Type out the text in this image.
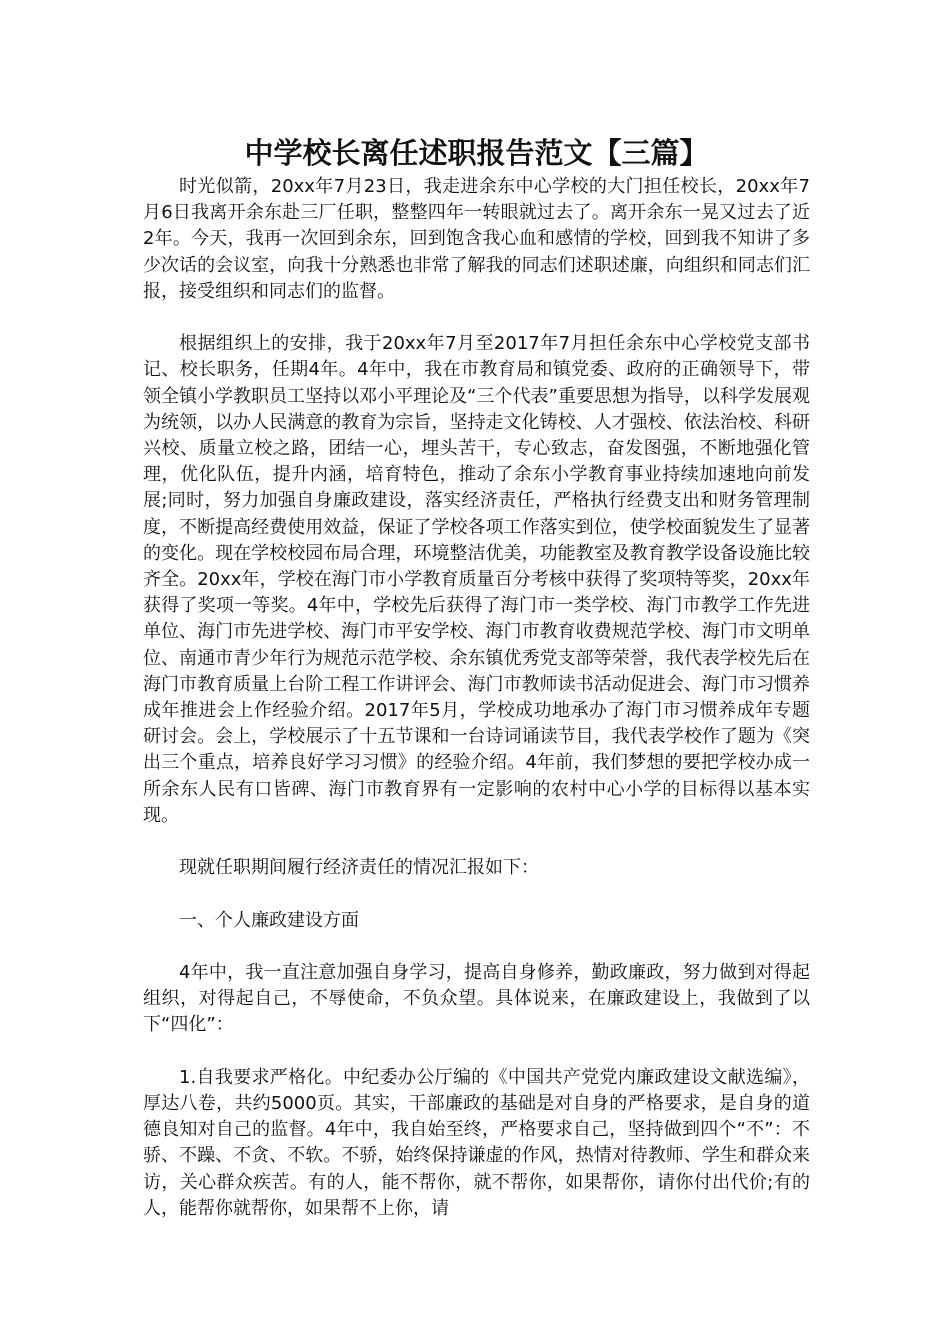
中学校长离任述职报告范文【三篇】

时光似箭，20xx年7月23日，我走进余东中心学校的大门担任校长，20xx年7月6日我离开余东赴三厂任职，整整四年一转眼就过去了。离开余东一晃又过去了近2年。今天，我再一次回到余东，回到饱含我心血和感情的学校，回到我不知讲了多少次话的会议室，向我十分熟悉也非常了解我的同志们述职述廉，向组织和同志们汇报，接受组织和同志们的监督。

根据组织上的安排，我于20xx年7月至2017年7月担任余东中心学校党支部书记、校长职务，任期4年。4年中，我在市教育局和镇党委、政府的正确领导下，带领全镇小学教职员工坚持以邓小平理论及“三个代表”重要思想为指导，以科学发展观为统领，以办人民满意的教育为宗旨，坚持走文化铸校、人才强校、依法治校、科研兴校、质量立校之路，团结一心，埋头苦干，专心致志，奋发图强，不断地强化管理，优化队伍，提升内涵，培育特色，推动了余东小学教育事业持续加速地向前发展;同时，努力加强自身廉政建设，落实经济责任，严格执行经费支出和财务管理制度，不断提高经费使用效益，保证了学校各项工作落实到位，使学校面貌发生了显著的变化。现在学校校园布局合理，环境整洁优美，功能教室及教育教学设备设施比较齐全。20xx年，学校在海门市小学教育质量百分考核中获得了奖项特等奖，20xx年获得了奖项一等奖。4年中，学校先后获得了海门市一类学校、海门市教学工作先进单位、海门市先进学校、海门市平安学校、海门市教育收费规范学校、海门市文明单位、南通市青少年行为规范示范学校、余东镇优秀党支部等荣誉，我代表学校先后在海门市教育质量上台阶工程工作讲评会、海门市教师读书活动促进会、海门市习惯养成年推进会上作经验介绍。2017年5月，学校成功地承办了海门市习惯养成年专题研讨会。会上，学校展示了十五节课和一台诗词诵读节目，我代表学校作了题为《突出三个重点，培养良好学习习惯》的经验介绍。4年前，我们梦想的要把学校办成一所余东人民有口皆碑、海门市教育界有一定影响的农村中心小学的目标得以基本实现。

现就任职期间履行经济责任的情况汇报如下：

一、个人廉政建设方面

4年中，我一直注意加强自身学习，提高自身修养，勤政廉政，努力做到对得起组织，对得起自己，不辱使命，不负众望。具体说来，在廉政建设上，我做到了以下“四化”：

1.自我要求严格化。中纪委办公厅编的《中国共产党党内廉政建设文献选编》，厚达八卷，共约5000页。其实，干部廉政的基础是对自身的严格要求，是自身的道德良知对自己的监督。4年中，我自始至终，严格要求自己，坚持做到四个“不”：不骄、不躁、不贪、不软。不骄，始终保持谦虚的作风，热情对待教师、学生和群众来访，关心群众疾苦。有的人，能不帮你，就不帮你，如果帮你，请你付出代价;有的人，能帮你就帮你，如果帮不上你，请
